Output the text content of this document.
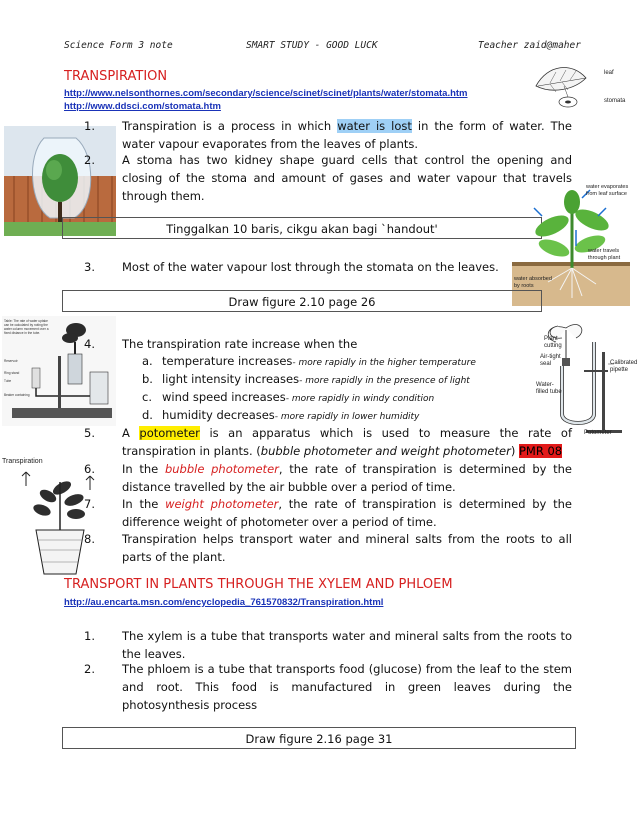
Science Form 3 note	SMART STUDY - GOOD LUCK	Teacher zaid@maher
TRANSPIRATION
http://www.nelsonthornes.com/secondary/science/scinet/scinet/plants/water/stomata.htm
http://www.ddsci.com/stomata.htm
leaf
stomata
1. Transpiration is a process in which water is lost in the form of water. The water vapour evaporates from the leaves of plants.
2. A stoma has two kidney shape guard cells that control the opening and closing of the stoma and amount of gases and water vapour that travels through them.
Tinggalkan 10 baris, cikgu akan bagi `handout'
water evaporates from leaf surface
water travels through plant
water absorbed by roots
3. Most of the water vapour lost through the stomata on the leaves.
Draw figure 2.10 page 26
Table: The rate of water uptake
can be calculated by noting the
water column movement over a
fixed distance in the tube.
Reservoir
Ring stand
Tube
Beaker containing
Plant cutting
Air-tight seal
Water-filled tube
Calibrated pipette
Potometer
4. The transpiration rate increase when the
a. temperature increases- more rapidly in the higher temperature
b. light intensity increases- more rapidly in the presence of light
c. wind speed increases- more rapidly in windy condition
d. humidity decreases- more rapidly in lower humidity
5. A potometer is an apparatus which is used to measure the rate of transpiration in plants. (bubble photometer and weight photometer) PMR 08
Transpiration
6. In the bubble photometer, the rate of transpiration is determined by the distance travelled by the air bubble over a period of time.
7. In the weight photometer, the rate of transpiration is determined by the difference weight of photometer over a period of time.
8. Transpiration helps transport water and mineral salts from the roots to all parts of the plant.
TRANSPORT IN PLANTS THROUGH THE XYLEM AND PHLOEM
http://au.encarta.msn.com/encyclopedia_761570832/Transpiration.html
1. The xylem is a tube that transports water and mineral salts from the roots to the leaves.
2. The phloem is a tube that transports food (glucose) from the leaf to the stem and root. This food is manufactured in green leaves during the photosynthesis process
Draw figure 2.16 page 31
